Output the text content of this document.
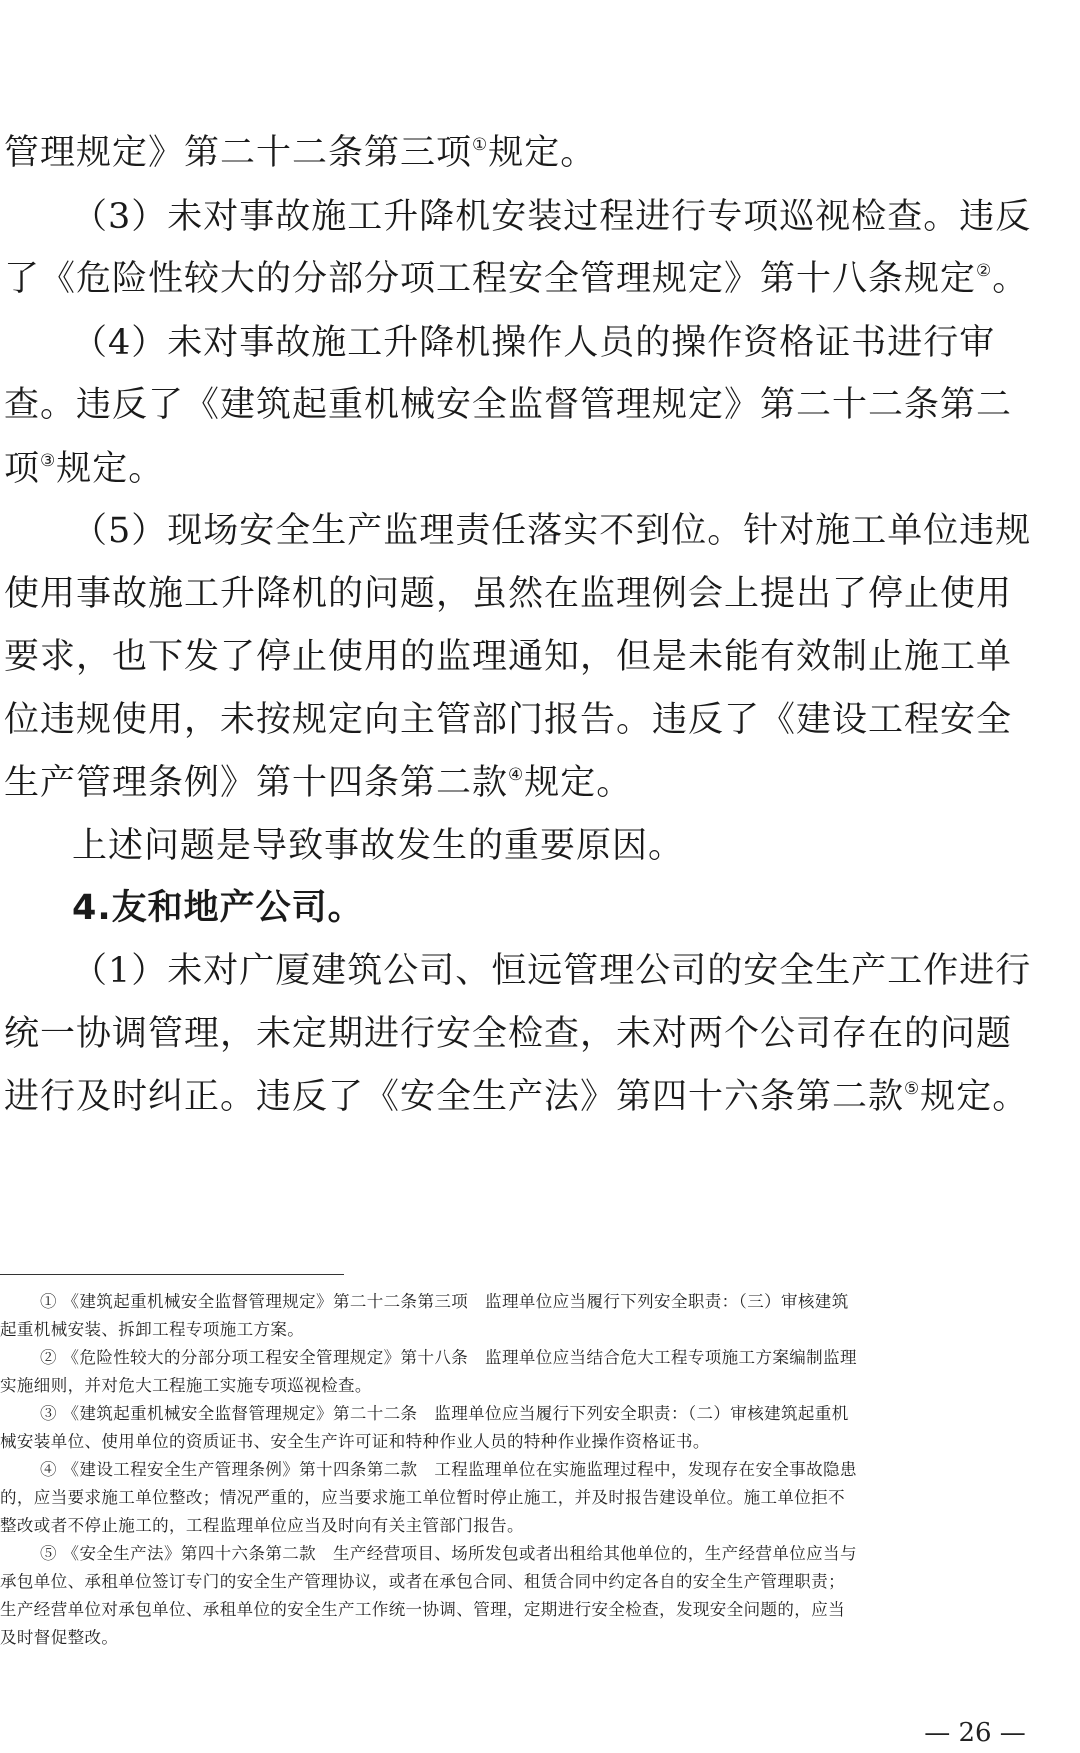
管理规定》第二十二条第三项①规定。
（3）未对事故施工升降机安装过程进行专项巡视检查。违反
了《危险性较大的分部分项工程安全管理规定》第十八条规定②。
（4）未对事故施工升降机操作人员的操作资格证书进行审
查。违反了《建筑起重机械安全监督管理规定》第二十二条第二
项③规定。
（5）现场安全生产监理责任落实不到位。针对施工单位违规
使用事故施工升降机的问题，虽然在监理例会上提出了停止使用
要求，也下发了停止使用的监理通知，但是未能有效制止施工单
位违规使用，未按规定向主管部门报告。违反了《建设工程安全
生产管理条例》第十四条第二款④规定。
上述问题是导致事故发生的重要原因。
4.友和地产公司。
（1）未对广厦建筑公司、恒远管理公司的安全生产工作进行
统一协调管理，未定期进行安全检查，未对两个公司存在的问题
进行及时纠正。违反了《安全生产法》第四十六条第二款⑤规定。
① 《建筑起重机械安全监督管理规定》第二十二条第三项　监理单位应当履行下列安全职责：（三）审核建筑
起重机械安装、拆卸工程专项施工方案。
② 《危险性较大的分部分项工程安全管理规定》第十八条　监理单位应当结合危大工程专项施工方案编制监理
实施细则，并对危大工程施工实施专项巡视检查。
③ 《建筑起重机械安全监督管理规定》第二十二条　监理单位应当履行下列安全职责：（二）审核建筑起重机
械安装单位、使用单位的资质证书、安全生产许可证和特种作业人员的特种作业操作资格证书。
④ 《建设工程安全生产管理条例》第十四条第二款　工程监理单位在实施监理过程中，发现存在安全事故隐患
的，应当要求施工单位整改；情况严重的，应当要求施工单位暂时停止施工，并及时报告建设单位。施工单位拒不
整改或者不停止施工的，工程监理单位应当及时向有关主管部门报告。
⑤ 《安全生产法》第四十六条第二款　生产经营项目、场所发包或者出租给其他单位的，生产经营单位应当与
承包单位、承租单位签订专门的安全生产管理协议，或者在承包合同、租赁合同中约定各自的安全生产管理职责；
生产经营单位对承包单位、承租单位的安全生产工作统一协调、管理，定期进行安全检查，发现安全问题的，应当
及时督促整改。
— 26 —
